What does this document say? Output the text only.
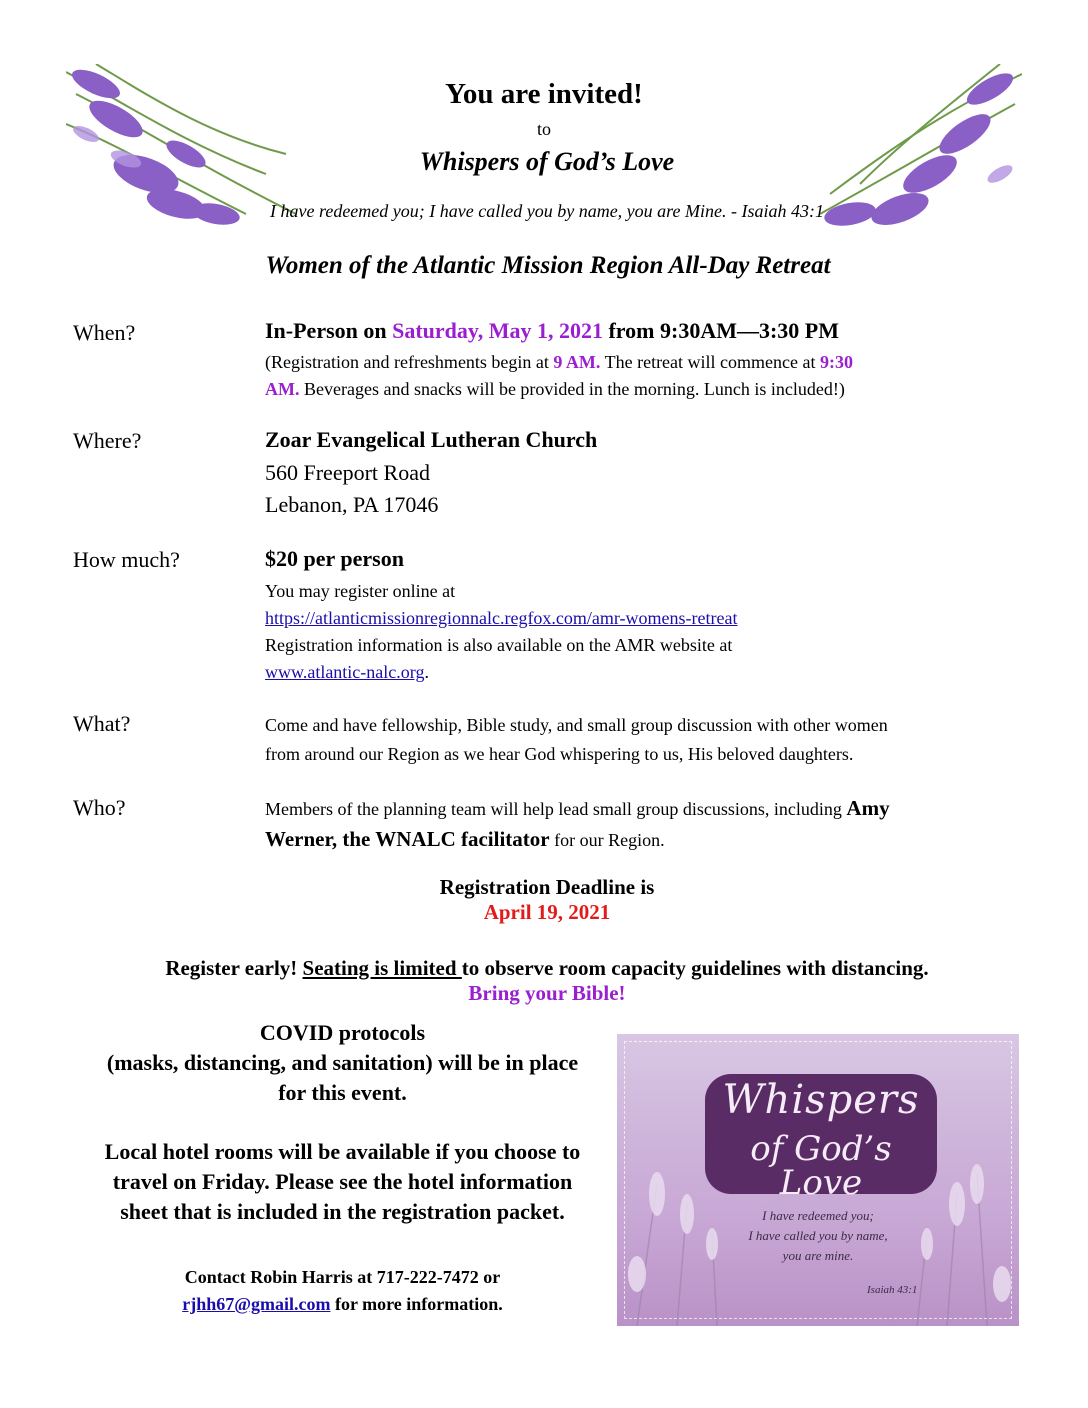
You are invited!
to
Whispers of God’s Love
I have redeemed you; I have called you by name, you are Mine. - Isaiah 43:1
Women of the Atlantic Mission Region All-Day Retreat
When?	In-Person on Saturday, May 1, 2021 from 9:30AM—3:30 PM
(Registration and refreshments begin at 9 AM. The retreat will commence at 9:30
AM. Beverages and snacks will be provided in the morning. Lunch is included!)
Where?	Zoar Evangelical Lutheran Church
560 Freeport Road
Lebanon, PA 17046
How much?	$20 per person
You may register online at
https://atlanticmissionregionnalc.regfox.com/amr-womens-retreat
Registration information is also available on the AMR website at
www.atlantic-nalc.org.
What?	Come and have fellowship, Bible study, and small group discussion with other women
from around our Region as we hear God whispering to us, His beloved daughters.
Who?	Members of the planning team will help lead small group discussions, including Amy
Werner, the WNALC facilitator for our Region.
Registration Deadline is
April 19, 2021
Register early! Seating is limited to observe room capacity guidelines with distancing.
Bring your Bible!
COVID protocols
(masks, distancing, and sanitation) will be in place
for this event.
Local hotel rooms will be available if you choose to
travel on Friday. Please see the hotel information
sheet that is included in the registration packet.
Contact Robin Harris at 717-222-7472 or
rjhh67@gmail.com for more information.
Whispers
of God’s Love
I have redeemed you;
I have called you by name,
you are mine.
Isaiah 43:1
